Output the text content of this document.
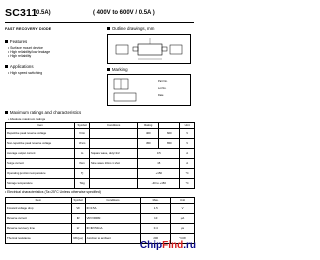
SC311
(0.5A)	( 400V to 600V / 0.5A )
FAST RECOVERY DIODE	Outline drawings, mm
Marking
Part No.
Lot No.
Date
Features
• Surface mount device
• High reliability/low leakage
• High reliability
Applications
• High speed switching
Maximum ratings and characteristics
• Absolute maximum ratings
Item	Symbol	Conditions	Rating		Unit
Repetitive peak reverse voltage	Vrrm		400	600	V
Non-repetitive peak reverse voltage	Vrsm		450	650	V
Average output current	Io	Square wave, duty=1/2	0.5		A
Surge current	Ifsm	Sine wave 10ms 1 shot	15		A
Operating junction temperature	Tj		+150		°C
Storage temperature	Tstg		-40 to +150		°C
• Electrical characteristics (Ta=25°C Unless otherwise specified)
Item	Symbol	Conditions	Max.	Unit
Forward voltage drop	VF	IF=0.5A	1.5	V
Reverse current	IR	VR=VRRM	10	μA
Reverse recovery time	trr	IF=IR=50mA	0.4	μs
Thermal resistance	Rth(j-a)	Junction to ambient	200	°C/W
ChipFind.ru
